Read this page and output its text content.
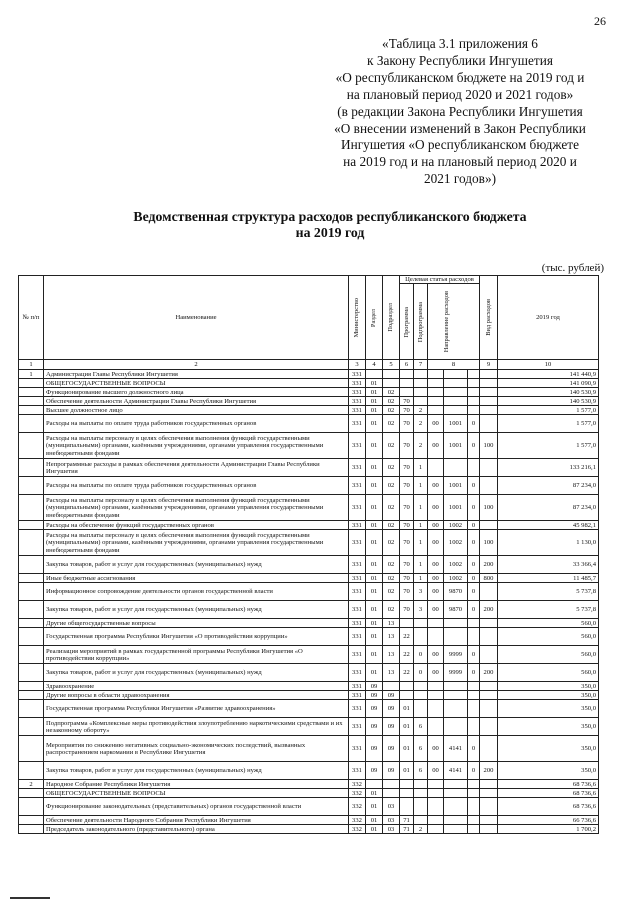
26
«Таблица 3.1 приложения 6
к Закону Республики Ингушетия
«О республиканском бюджете на 2019 год и
на плановый период 2020 и 2021 годов»
(в редакции Закона Республики Ингушетия
«О внесении изменений в Закон Республики
Ингушетия «О республиканском бюджете
на 2019 год и на плановый период 2020 и
2021 годов»)
Ведомственная структура расходов республиканского бюджета
на 2019 год
(тыс. рублей)
№ п/п	Наименование	Министерство	Раздел	Подраздел	Целевая статья расходов					Вид расходов	2019 год

					Программа	Подпрограмма	Направление расходов				

1	2	3	4	5	6	7	8			9	10
1	Администрация Главы Республики Ингушетия	331									141 440,9
	ОБЩЕГОСУДАРСТВЕННЫЕ ВОПРОСЫ	331	01								141 090,9
	Функционирование высшего должностного лица	331	01	02							140 530,9
	Обеспечение деятельности Администрации Главы Республики Ингушетия	331	01	02	70						140 530,9
	Высшее должностное лицо	331	01	02	70	2					1 577,0
	Расходы на выплаты по оплате труда работников государственных органов	331	01	02	70	2	00	1001	0		1 577,0
	Расходы на выплаты персоналу в целях обеспечения выполнения функций государственными (муниципальными) органами, казёнными учреждениями, органами управления государственными внебюджетными фондами	331	01	02	70	2	00	1001	0	100	1 577,0
	Непрограммные расходы в рамках обеспечения деятельности Администрации Главы Республики Ингушетия	331	01	02	70	1					133 216,1
	Расходы на выплаты по оплате труда работников государственных органов	331	01	02	70	1	00	1001	0		87 234,0
	Расходы на выплаты персоналу в целях обеспечения выполнения функций государственными (муниципальными) органами, казёнными учреждениями, органами управления государственными внебюджетными фондами	331	01	02	70	1	00	1001	0	100	87 234,0
	Расходы на обеспечение функций государственных органов	331	01	02	70	1	00	1002	0		45 982,1
	Расходы на выплаты персоналу в целях обеспечения выполнения функций государственными (муниципальными) органами, казёнными учреждениями, органами управления государственными внебюджетными фондами	331	01	02	70	1	00	1002	0	100	1 130,0
	Закупка товаров, работ и услуг для государственных (муниципальных) нужд	331	01	02	70	1	00	1002	0	200	33 366,4
	Иные бюджетные ассигнования	331	01	02	70	1	00	1002	0	800	11 485,7
	Информационное сопровождение деятельности органов государственной власти	331	01	02	70	3	00	9870	0		5 737,8
	Закупка товаров, работ и услуг для государственных (муниципальных) нужд	331	01	02	70	3	00	9870	0	200	5 737,8
	Другие общегосударственные вопросы	331	01	13							560,0
	Государственная программа Республики Ингушетия «О противодействии коррупции»	331	01	13	22						560,0
	Реализация мероприятий в рамках государственной программы Республики Ингушетия «О противодействии коррупции»	331	01	13	22	0	00	9999	0		560,0
	Закупка товаров, работ и услуг для государственных (муниципальных) нужд	331	01	13	22	0	00	9999	0	200	560,0
	Здравоохранение	331	09								350,0
	Другие вопросы в области здравоохранения	331	09	09							350,0
	Государственная программа Республики Ингушетия «Развитие здравоохранения»	331	09	09	01						350,0
	Подпрограмма «Комплексные меры противодействия злоупотреблению наркотическими средствами и их незаконному обороту»	331	09	09	01	6					350,0
	Мероприятия по снижению негативных социально-экономических последствий, вызванных распространением наркомании в Республике Ингушетия	331	09	09	01	6	00	4141	0		350,0
	Закупка товаров, работ и услуг для государственных (муниципальных) нужд	331	09	09	01	6	00	4141	0	200	350,0
2	Народное Собрание Республики Ингушетия	332									68 736,6
	ОБЩЕГОСУДАРСТВЕННЫЕ ВОПРОСЫ	332	01								68 736,6
	Функционирование законодательных (представительных) органов государственной власти	332	01	03							68 736,6
	Обеспечение деятельности Народного Собрания Республики Ингушетия	332	01	03	71						66 736,6
	Председатель законодательного (представительного) органа	332	01	03	71	2					1 700,2
